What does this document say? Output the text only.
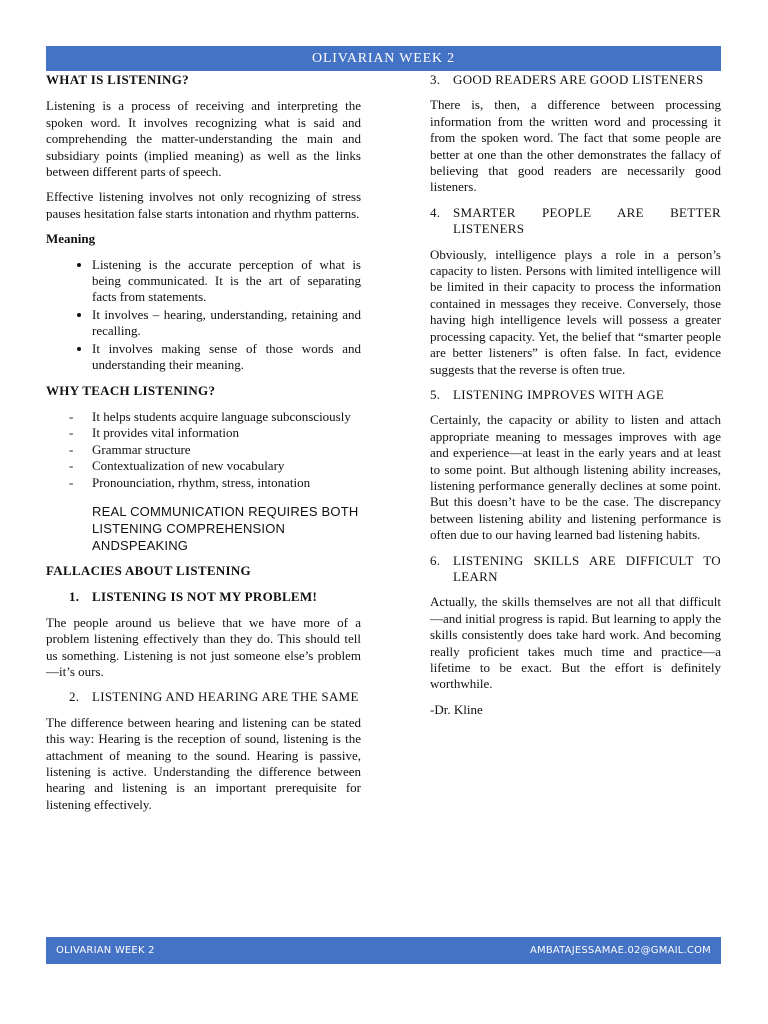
OLIVARIAN WEEK 2
WHAT IS LISTENING?

Listening is a process of receiving and interpreting the spoken word. It involves recognizing what is said and comprehending the matter-understanding the main and subsidiary points (implied meaning) as well as the links between different parts of speech.

Effective listening involves not only recognizing of stress pauses hesitation false starts intonation and rhythm patterns.

Meaning

• Listening is the accurate perception of what is being communicated. It is the art of separating facts from statements.
• It involves – hearing, understanding, retaining and recalling.
• It involves making sense of those words and understanding their meaning.
WHY TEACH LISTENING?
- It helps students acquire language subconsciously
- It provides vital information
- Grammar structure
- Contextualization of new vocabulary
- Pronounciation, rhythm, stress, intonation
REAL COMMUNICATION REQUIRES BOTH LISTENING COMPREHENSION ANDSPEAKING
FALLACIES ABOUT LISTENING
1. LISTENING IS NOT MY PROBLEM!

The people around us believe that we have more of a problem listening effectively than they do. This should tell us something. Listening is not just someone else’s problem—it’s ours.

2. LISTENING AND HEARING ARE THE SAME

The difference between hearing and listening can be stated this way: Hearing is the reception of sound, listening is the attachment of meaning to the sound. Hearing is passive, listening is active. Understanding the difference between hearing and listening is an important prerequisite for listening effectively.

3. GOOD READERS ARE GOOD LISTENERS

There is, then, a difference between processing information from the written word and processing it from the spoken word. The fact that some people are better at one than the other demonstrates the fallacy of believing that good readers are necessarily good listeners.

4. SMARTER PEOPLE ARE BETTER LISTENERS

Obviously, intelligence plays a role in a person’s capacity to listen. Persons with limited intelligence will be limited in their capacity to process the information contained in messages they receive. Conversely, those having high intelligence levels will possess a greater processing capacity. Yet, the belief that “smarter people are better listeners” is often false. In fact, evidence suggests that the reverse is often true.

5. LISTENING IMPROVES WITH AGE

Certainly, the capacity or ability to listen and attach appropriate meaning to messages improves with age and experience—at least in the early years and at least to some point. But although listening ability increases, listening performance generally declines at some point. But this doesn’t have to be the case. The discrepancy between listening ability and listening performance is often due to our having learned bad listening habits.

6. LISTENING SKILLS ARE DIFFICULT TO LEARN

Actually, the skills themselves are not all that difficult—and initial progress is rapid. But learning to apply the skills consistently does take hard work. And becoming really proficient takes much time and practice—a lifetime to be exact. But the effort is definitely worthwhile.

-Dr. Kline

OLIVARIAN WEEK 2	AMBATAJESSAMAE.02@GMAIL.COM
